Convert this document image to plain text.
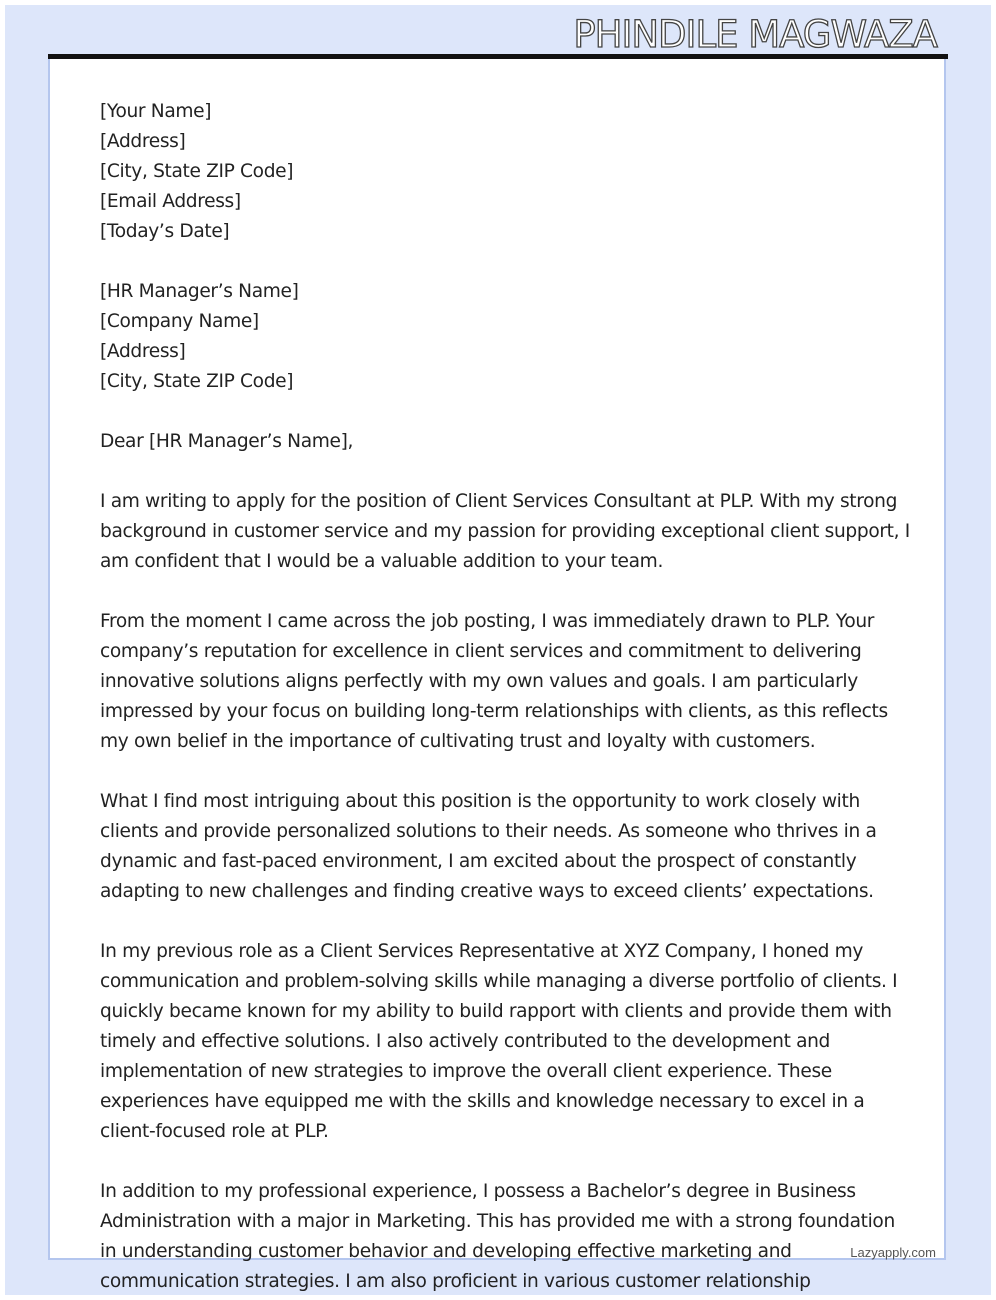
PHINDILE MAGWAZA
[Your Name]
[Address]
[City, State ZIP Code]
[Email Address]
[Today’s Date]
[HR Manager’s Name]
[Company Name]
[Address]
[City, State ZIP Code]
Dear [HR Manager’s Name],
I am writing to apply for the position of Client Services Consultant at PLP. With my strong
background in customer service and my passion for providing exceptional client support, I
am confident that I would be a valuable addition to your team.
From the moment I came across the job posting, I was immediately drawn to PLP. Your
company’s reputation for excellence in client services and commitment to delivering
innovative solutions aligns perfectly with my own values and goals. I am particularly
impressed by your focus on building long-term relationships with clients, as this reflects
my own belief in the importance of cultivating trust and loyalty with customers.
What I find most intriguing about this position is the opportunity to work closely with
clients and provide personalized solutions to their needs. As someone who thrives in a
dynamic and fast-paced environment, I am excited about the prospect of constantly
adapting to new challenges and finding creative ways to exceed clients’ expectations.
In my previous role as a Client Services Representative at XYZ Company, I honed my
communication and problem-solving skills while managing a diverse portfolio of clients. I
quickly became known for my ability to build rapport with clients and provide them with
timely and effective solutions. I also actively contributed to the development and
implementation of new strategies to improve the overall client experience. These
experiences have equipped me with the skills and knowledge necessary to excel in a
client-focused role at PLP.
In addition to my professional experience, I possess a Bachelor’s degree in Business
Administration with a major in Marketing. This has provided me with a strong foundation
in understanding customer behavior and developing effective marketing and
communication strategies. I am also proficient in various customer relationship
Lazyapply.com
